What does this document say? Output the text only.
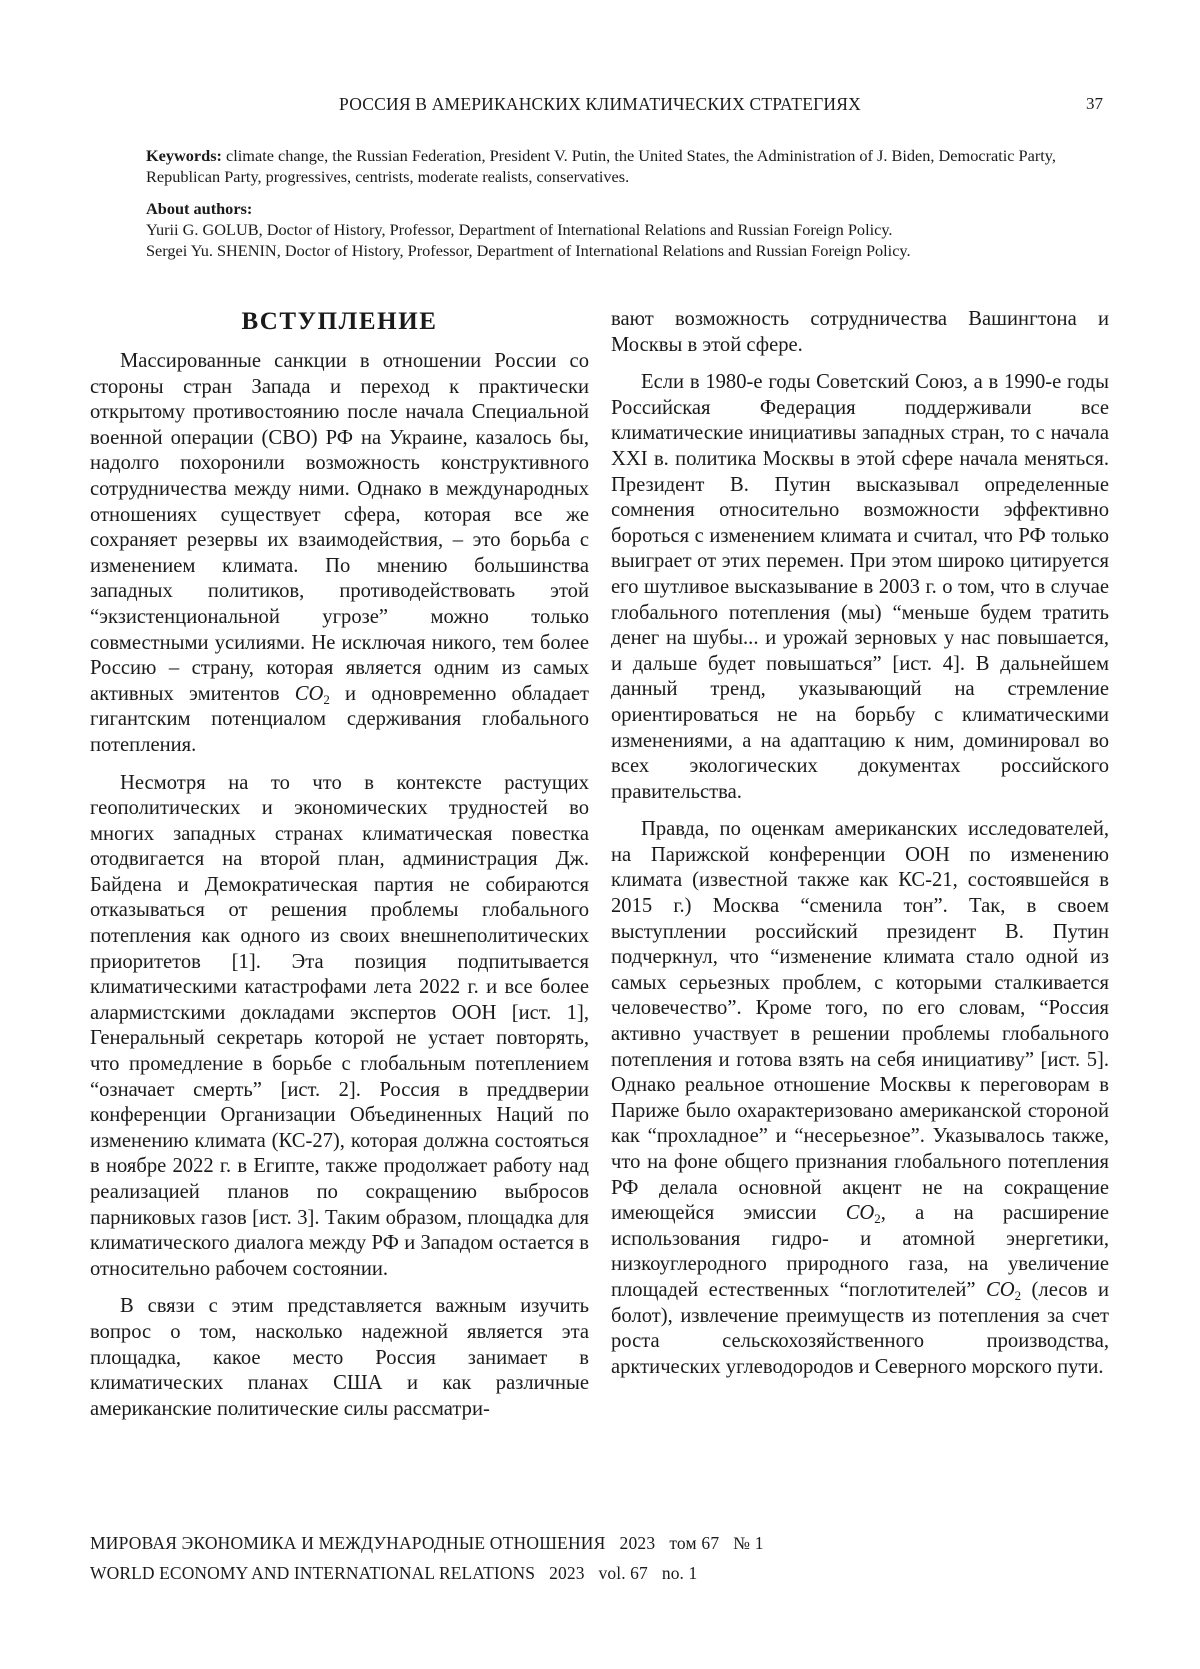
РОССИЯ В АМЕРИКАНСКИХ КЛИМАТИЧЕСКИХ СТРАТЕГИЯХ	37

Keywords: climate change, the Russian Federation, President V. Putin, the United States, the Administration of J. Biden, Democratic Party, Republican Party, progressives, centrists, moderate realists, conservatives.

About authors:

Yurii G. GOLUB, Doctor of History, Professor, Department of International Relations and Russian Foreign Policy.

Sergei Yu. SHENIN, Doctor of History, Professor, Department of International Relations and Russian Foreign Policy.

ВСТУПЛЕНИЕ

Массированные санкции в отношении России со стороны стран Запада и переход к практически открытому противостоянию после начала Специальной военной операции (СВО) РФ на Украине, казалось бы, надолго похоронили возможность конструктивного сотрудничества между ними. Однако в международных отношениях существует сфера, которая все же сохраняет резервы их взаимодействия, – это борьба с изменением климата. По мнению большинства западных политиков, противодействовать этой “экзистенциональной угрозе” можно только совместными усилиями. Не исключая никого, тем более Россию – страну, которая является одним из самых активных эмитентов $CO_2$ и одновременно обладает гигантским потенциалом сдерживания глобального потепления.

Несмотря на то что в контексте растущих геополитических и экономических трудностей во многих западных странах климатическая повестка отодвигается на второй план, администрация Дж. Байдена и Демократическая партия не собираются отказываться от решения проблемы глобального потепления как одного из своих внешнеполитических приоритетов [1]. Эта позиция подпитывается климатическими катастрофами лета 2022 г. и все более алармистскими докладами экспертов ООН [ист. 1], Генеральный секретарь которой не устает повторять, что промедление в борьбе с глобальным потеплением “означает смерть” [ист. 2]. Россия в преддверии конференции Организации Объединенных Наций по изменению климата (КС-27), которая должна состояться в ноябре 2022 г. в Египте, также продолжает работу над реализацией планов по сокращению выбросов парниковых газов [ист. 3]. Таким образом, площадка для климатического диалога между РФ и Западом остается в относительно рабочем состоянии.

В связи с этим представляется важным изучить вопрос о том, насколько надежной является эта площадка, какое место Россия занимает в климатических планах США и как различные американские политические силы рассматри-

вают возможность сотрудничества Вашингтона и Москвы в этой сфере.

Если в 1980-е годы Советский Союз, а в 1990-е годы Российская Федерация поддерживали все климатические инициативы западных стран, то с начала XXI в. политика Москвы в этой сфере начала меняться. Президент В. Путин высказывал определенные сомнения относительно возможности эффективно бороться с изменением климата и считал, что РФ только выиграет от этих перемен. При этом широко цитируется его шутливое высказывание в 2003 г. о том, что в случае глобального потепления (мы) “меньше будем тратить денег на шубы... и урожай зерновых у нас повышается, и дальше будет повышаться” [ист. 4]. В дальнейшем данный тренд, указывающий на стремление ориентироваться не на борьбу с климатическими изменениями, а на адаптацию к ним, доминировал во всех экологических документах российского правительства.

Правда, по оценкам американских исследователей, на Парижской конференции ООН по изменению климата (известной также как КС-21, состоявшейся в 2015 г.) Москва “сменила тон”. Так, в своем выступлении российский президент В. Путин подчеркнул, что “изменение климата стало одной из самых серьезных проблем, с которыми сталкивается человечество”. Кроме того, по его словам, “Россия активно участвует в решении проблемы глобального потепления и готова взять на себя инициативу” [ист. 5]. Однако реальное отношение Москвы к переговорам в Париже было охарактеризовано американской стороной как “прохладное” и “несерьезное”. Указывалось также, что на фоне общего признания глобального потепления РФ делала основной акцент не на сокращение имеющейся эмиссии $CO_2$, а на расширение использования гидро- и атомной энергетики, низкоуглеродного природного газа, на увеличение площадей естественных “поглотителей” $CO_2$ (лесов и болот), извлечение преимуществ из потепления за счет роста сельскохозяйственного производства, арктических углеводородов и Северного морского пути.

МИРОВАЯ ЭКОНОМИКА И МЕЖДУНАРОДНЫЕ ОТНОШЕНИЯ 2023 том 67 № 1
WORLD ECONOMY AND INTERNATIONAL RELATIONS 2023 vol. 67 no. 1
